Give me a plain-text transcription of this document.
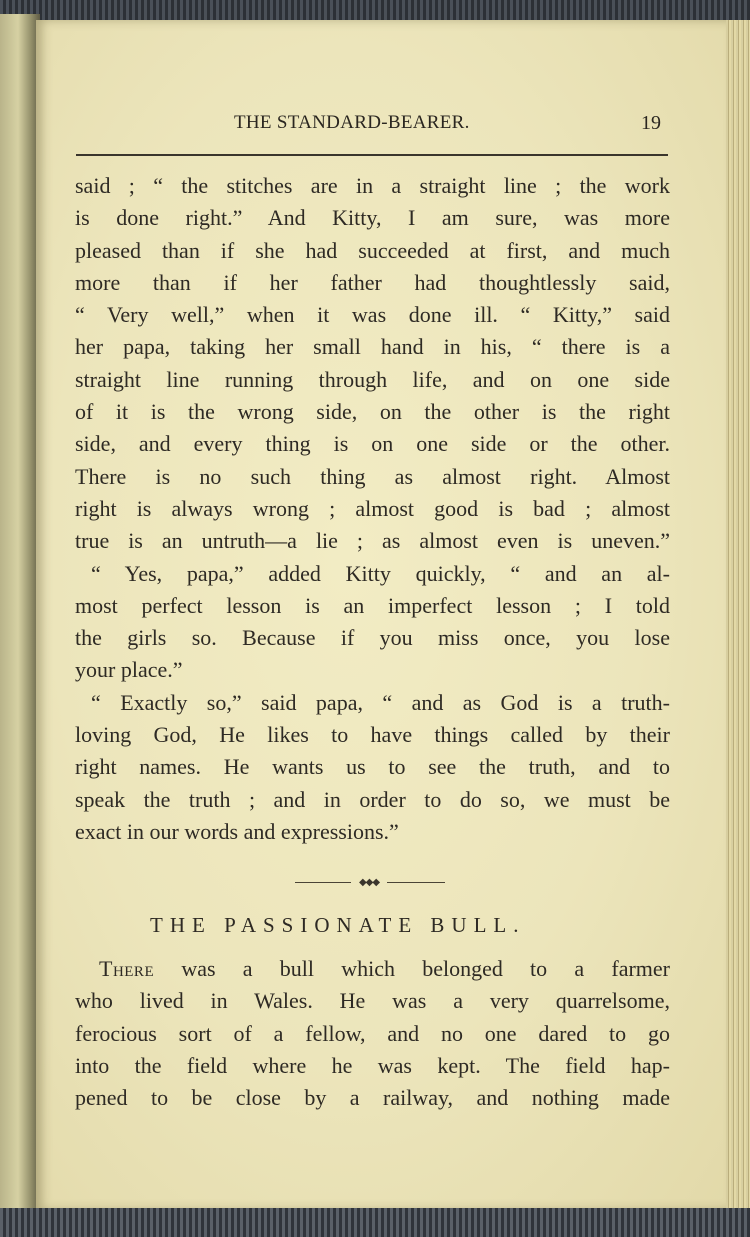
THE STANDARD-BEARER.	19
said ; “ the stitches are in a straight line ; the work
is done right.” And Kitty, I am sure, was more
pleased than if she had succeeded at first, and much
more than if her father had thoughtlessly said,
“ Very well,” when it was done ill. “ Kitty,” said
her papa, taking her small hand in his, “ there is a
straight line running through life, and on one side
of it is the wrong side, on the other is the right
side, and every thing is on one side or the other.
There is no such thing as almost right. Almost
right is always wrong ; almost good is bad ; almost
true is an untruth—a lie ; as almost even is uneven.”
“ Yes, papa,” added Kitty quickly, “ and an al-
most perfect lesson is an imperfect lesson ; I told
the girls so. Because if you miss once, you lose
your place.”
“ Exactly so,” said papa, “ and as God is a truth-
loving God, He likes to have things called by their
right names. He wants us to see the truth, and to
speak the truth ; and in order to do so, we must be
exact in our words and expressions.”
◆◆◆
THE PASSIONATE BULL.
There was a bull which belonged to a farmer
who lived in Wales. He was a very quarrelsome,
ferocious sort of a fellow, and no one dared to go
into the field where he was kept. The field hap-
pened to be close by a railway, and nothing made
